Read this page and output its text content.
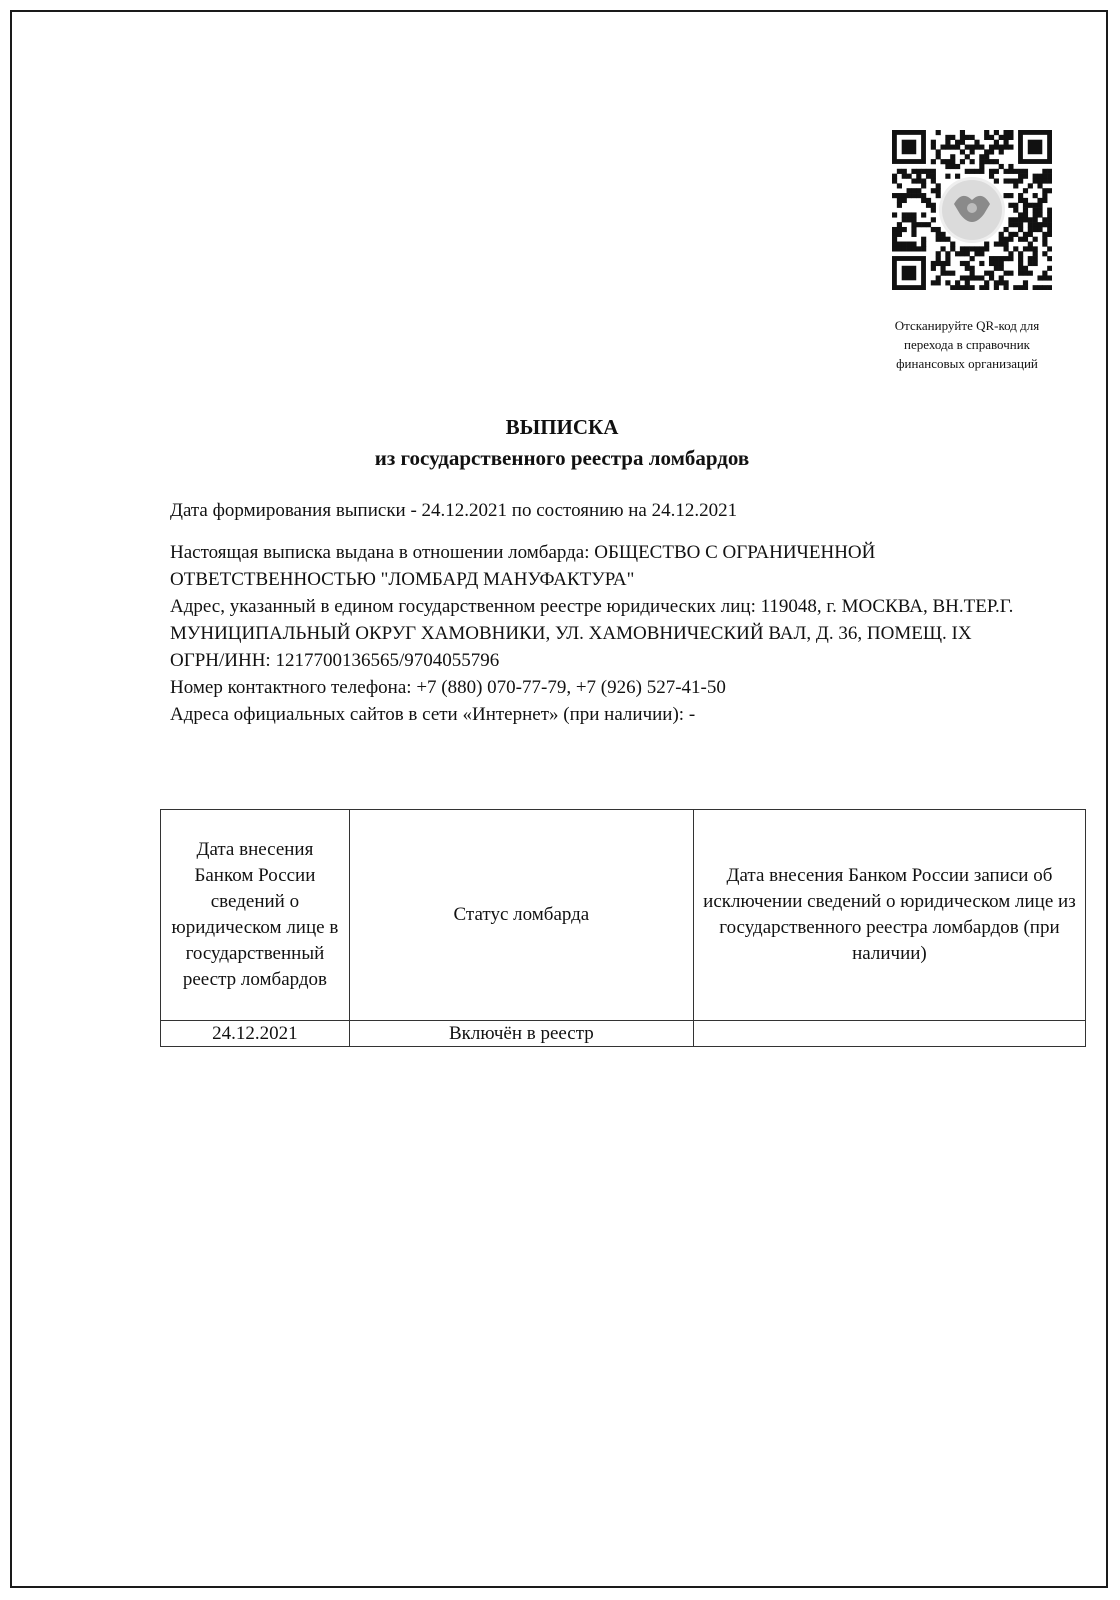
Отсканируйте QR-код для
перехода в справочник
финансовых организаций
ВЫПИСКА
из государственного реестра ломбардов
Дата формирования выписки - 24.12.2021 по состоянию на 24.12.2021

Настоящая выписка выдана в отношении ломбарда: ОБЩЕСТВО С ОГРАНИЧЕННОЙ ОТВЕТСТВЕННОСТЬЮ "ЛОМБАРД МАНУФАКТУРА"

Адрес, указанный в едином государственном реестре юридических лиц: 119048, г. МОСКВА, ВН.ТЕР.Г. МУНИЦИПАЛЬНЫЙ ОКРУГ ХАМОВНИКИ, УЛ. ХАМОВНИЧЕСКИЙ ВАЛ, Д. 36, ПОМЕЩ. IX

ОГРН/ИНН: 1217700136565/9704055796

Номер контактного телефона: +7 (880) 070-77-79, +7 (926) 527-41-50

Адреса официальных сайтов в сети «Интернет» (при наличии): -

Дата внесения Банком России сведений о юридическом лице в государственный реестр ломбардов	Статус ломбарда	Дата внесения Банком России записи об исключении сведений о юридическом лице из государственного реестра ломбардов (при наличии)
24.12.2021	Включён в реестр	
